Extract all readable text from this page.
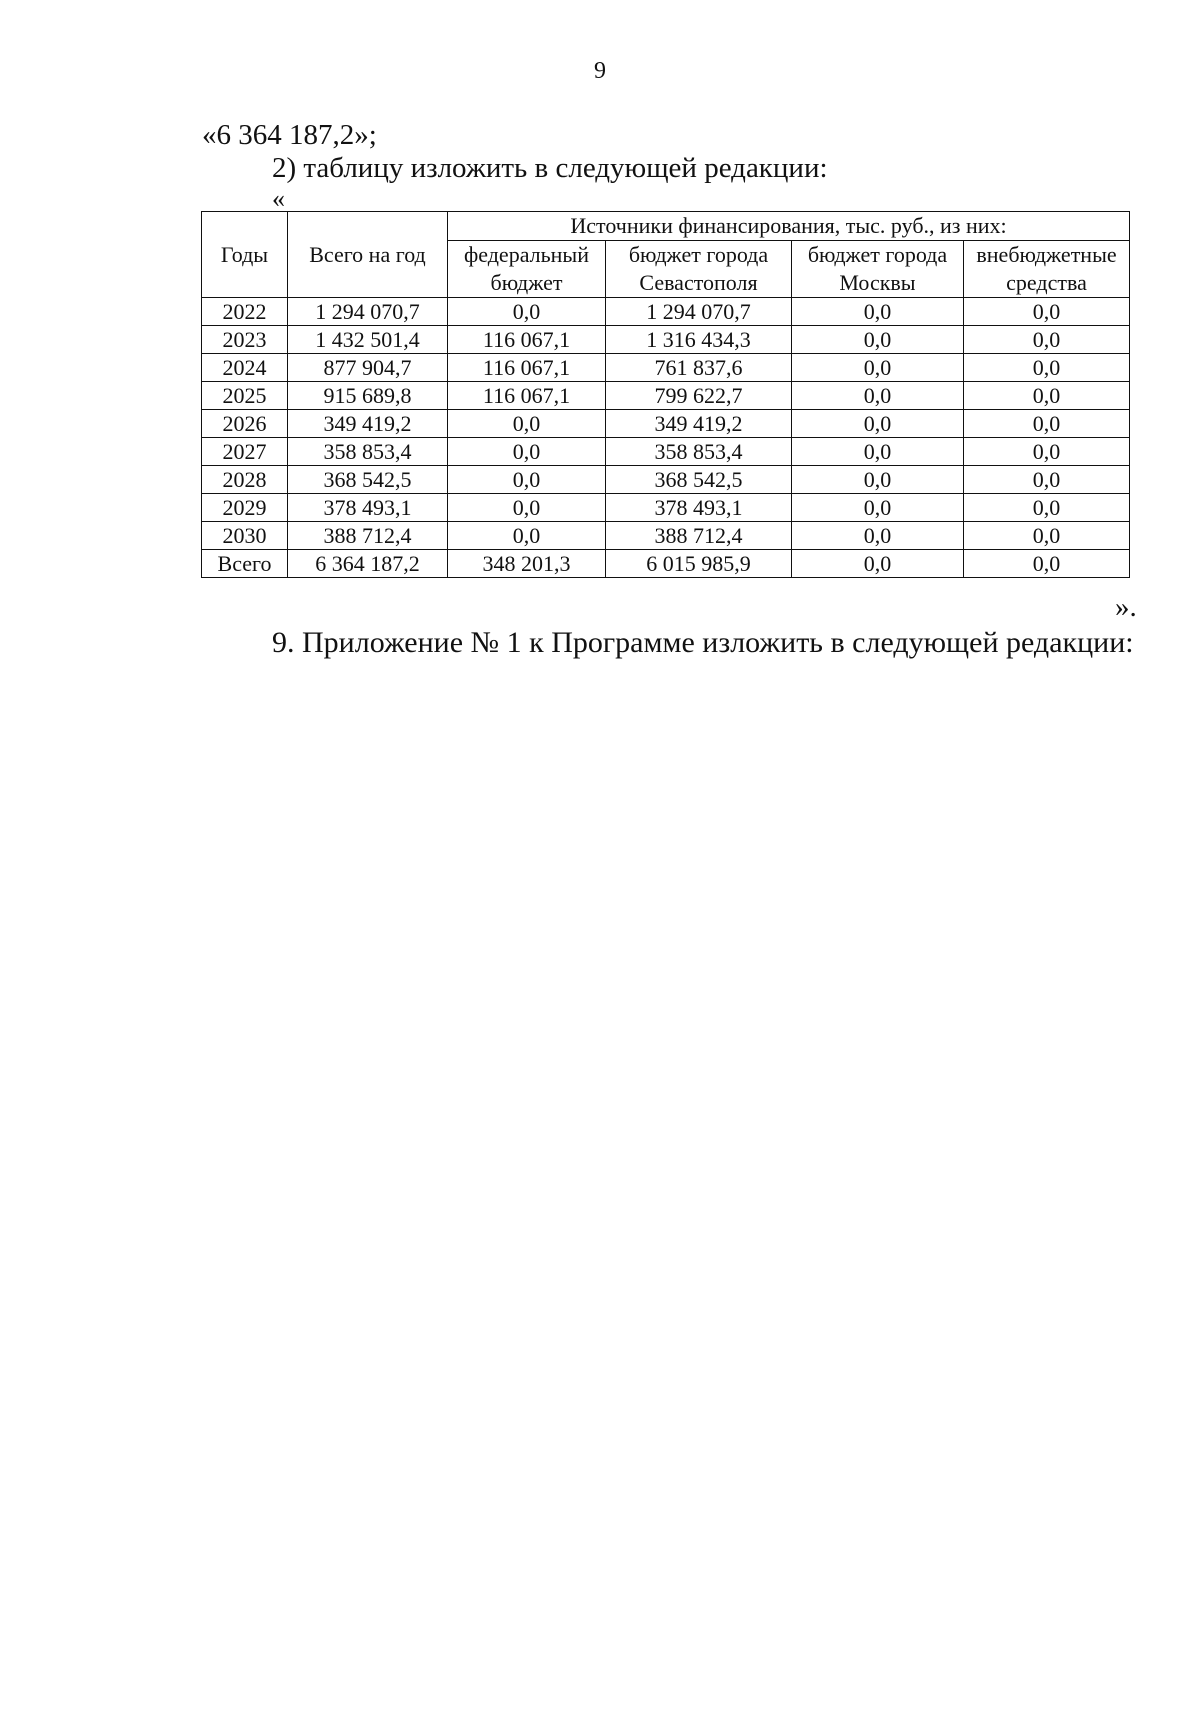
9
«6 364 187,2»;
2) таблицу изложить в следующей редакции:
«
Годы	Всего на год	Источники финансирования, тыс. руб., из них:			
		федеральный бюджет	бюджет города Севастополя	бюджет города Москвы	внебюджетные средства
2022	1 294 070,7	0,0	1 294 070,7	0,0	0,0
2023	1 432 501,4	116 067,1	1 316 434,3	0,0	0,0
2024	877 904,7	116 067,1	761 837,6	0,0	0,0
2025	915 689,8	116 067,1	799 622,7	0,0	0,0
2026	349 419,2	0,0	349 419,2	0,0	0,0
2027	358 853,4	0,0	358 853,4	0,0	0,0
2028	368 542,5	0,0	368 542,5	0,0	0,0
2029	378 493,1	0,0	378 493,1	0,0	0,0
2030	388 712,4	0,0	388 712,4	0,0	0,0
Всего	6 364 187,2	348 201,3	6 015 985,9	0,0	0,0
».
9. Приложение № 1 к Программе изложить в следующей редакции:
